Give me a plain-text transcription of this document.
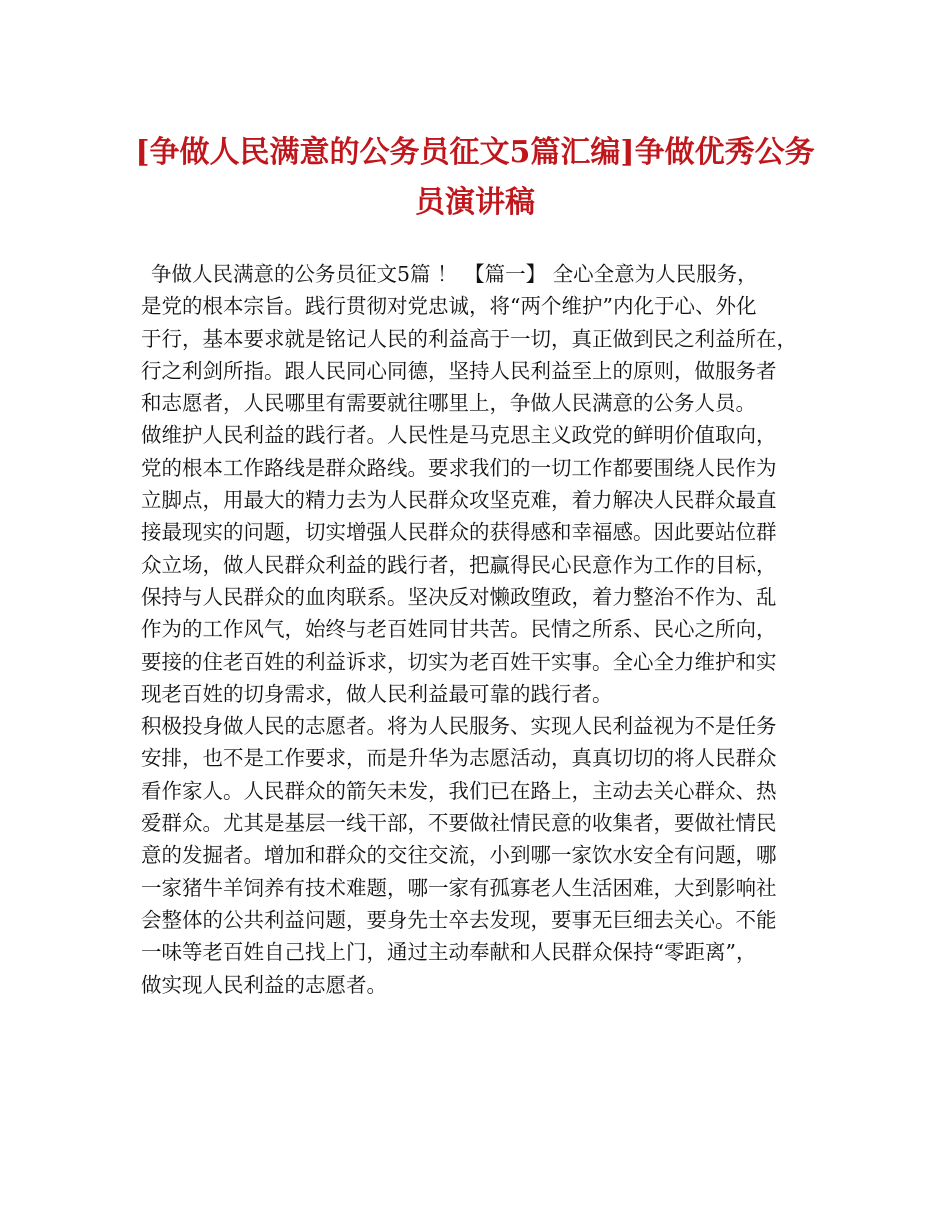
[争做人民满意的公务员征文5篇汇编]争做优秀公务
员演讲稿
争做人民满意的公务员征文5篇 ！ 【篇一】 全心全意为人民服务，
是党的根本宗旨。践行贯彻对党忠诚，将“两个维护”内化于心、外化
于行，基本要求就是铭记人民的利益高于一切，真正做到民之利益所在，
行之利剑所指。跟人民同心同德，坚持人民利益至上的原则，做服务者
和志愿者，人民哪里有需要就往哪里上，争做人民满意的公务人员。
做维护人民利益的践行者。人民性是马克思主义政党的鲜明价值取向，
党的根本工作路线是群众路线。要求我们的一切工作都要围绕人民作为
立脚点，用最大的精力去为人民群众攻坚克难，着力解决人民群众最直
接最现实的问题，切实增强人民群众的获得感和幸福感。因此要站位群
众立场，做人民群众利益的践行者，把赢得民心民意作为工作的目标，
保持与人民群众的血肉联系。坚决反对懒政堕政，着力整治不作为、乱
作为的工作风气，始终与老百姓同甘共苦。民情之所系、民心之所向，
要接的住老百姓的利益诉求，切实为老百姓干实事。全心全力维护和实
现老百姓的切身需求，做人民利益最可靠的践行者。
积极投身做人民的志愿者。将为人民服务、实现人民利益视为不是任务
安排，也不是工作要求，而是升华为志愿活动，真真切切的将人民群众
看作家人。人民群众的箭矢未发，我们已在路上，主动去关心群众、热
爱群众。尤其是基层一线干部，不要做社情民意的收集者，要做社情民
意的发掘者。增加和群众的交往交流，小到哪一家饮水安全有问题，哪
一家猪牛羊饲养有技术难题，哪一家有孤寡老人生活困难，大到影响社
会整体的公共利益问题，要身先士卒去发现，要事无巨细去关心。不能
一味等老百姓自己找上门，通过主动奉献和人民群众保持“零距离”，
做实现人民利益的志愿者。
